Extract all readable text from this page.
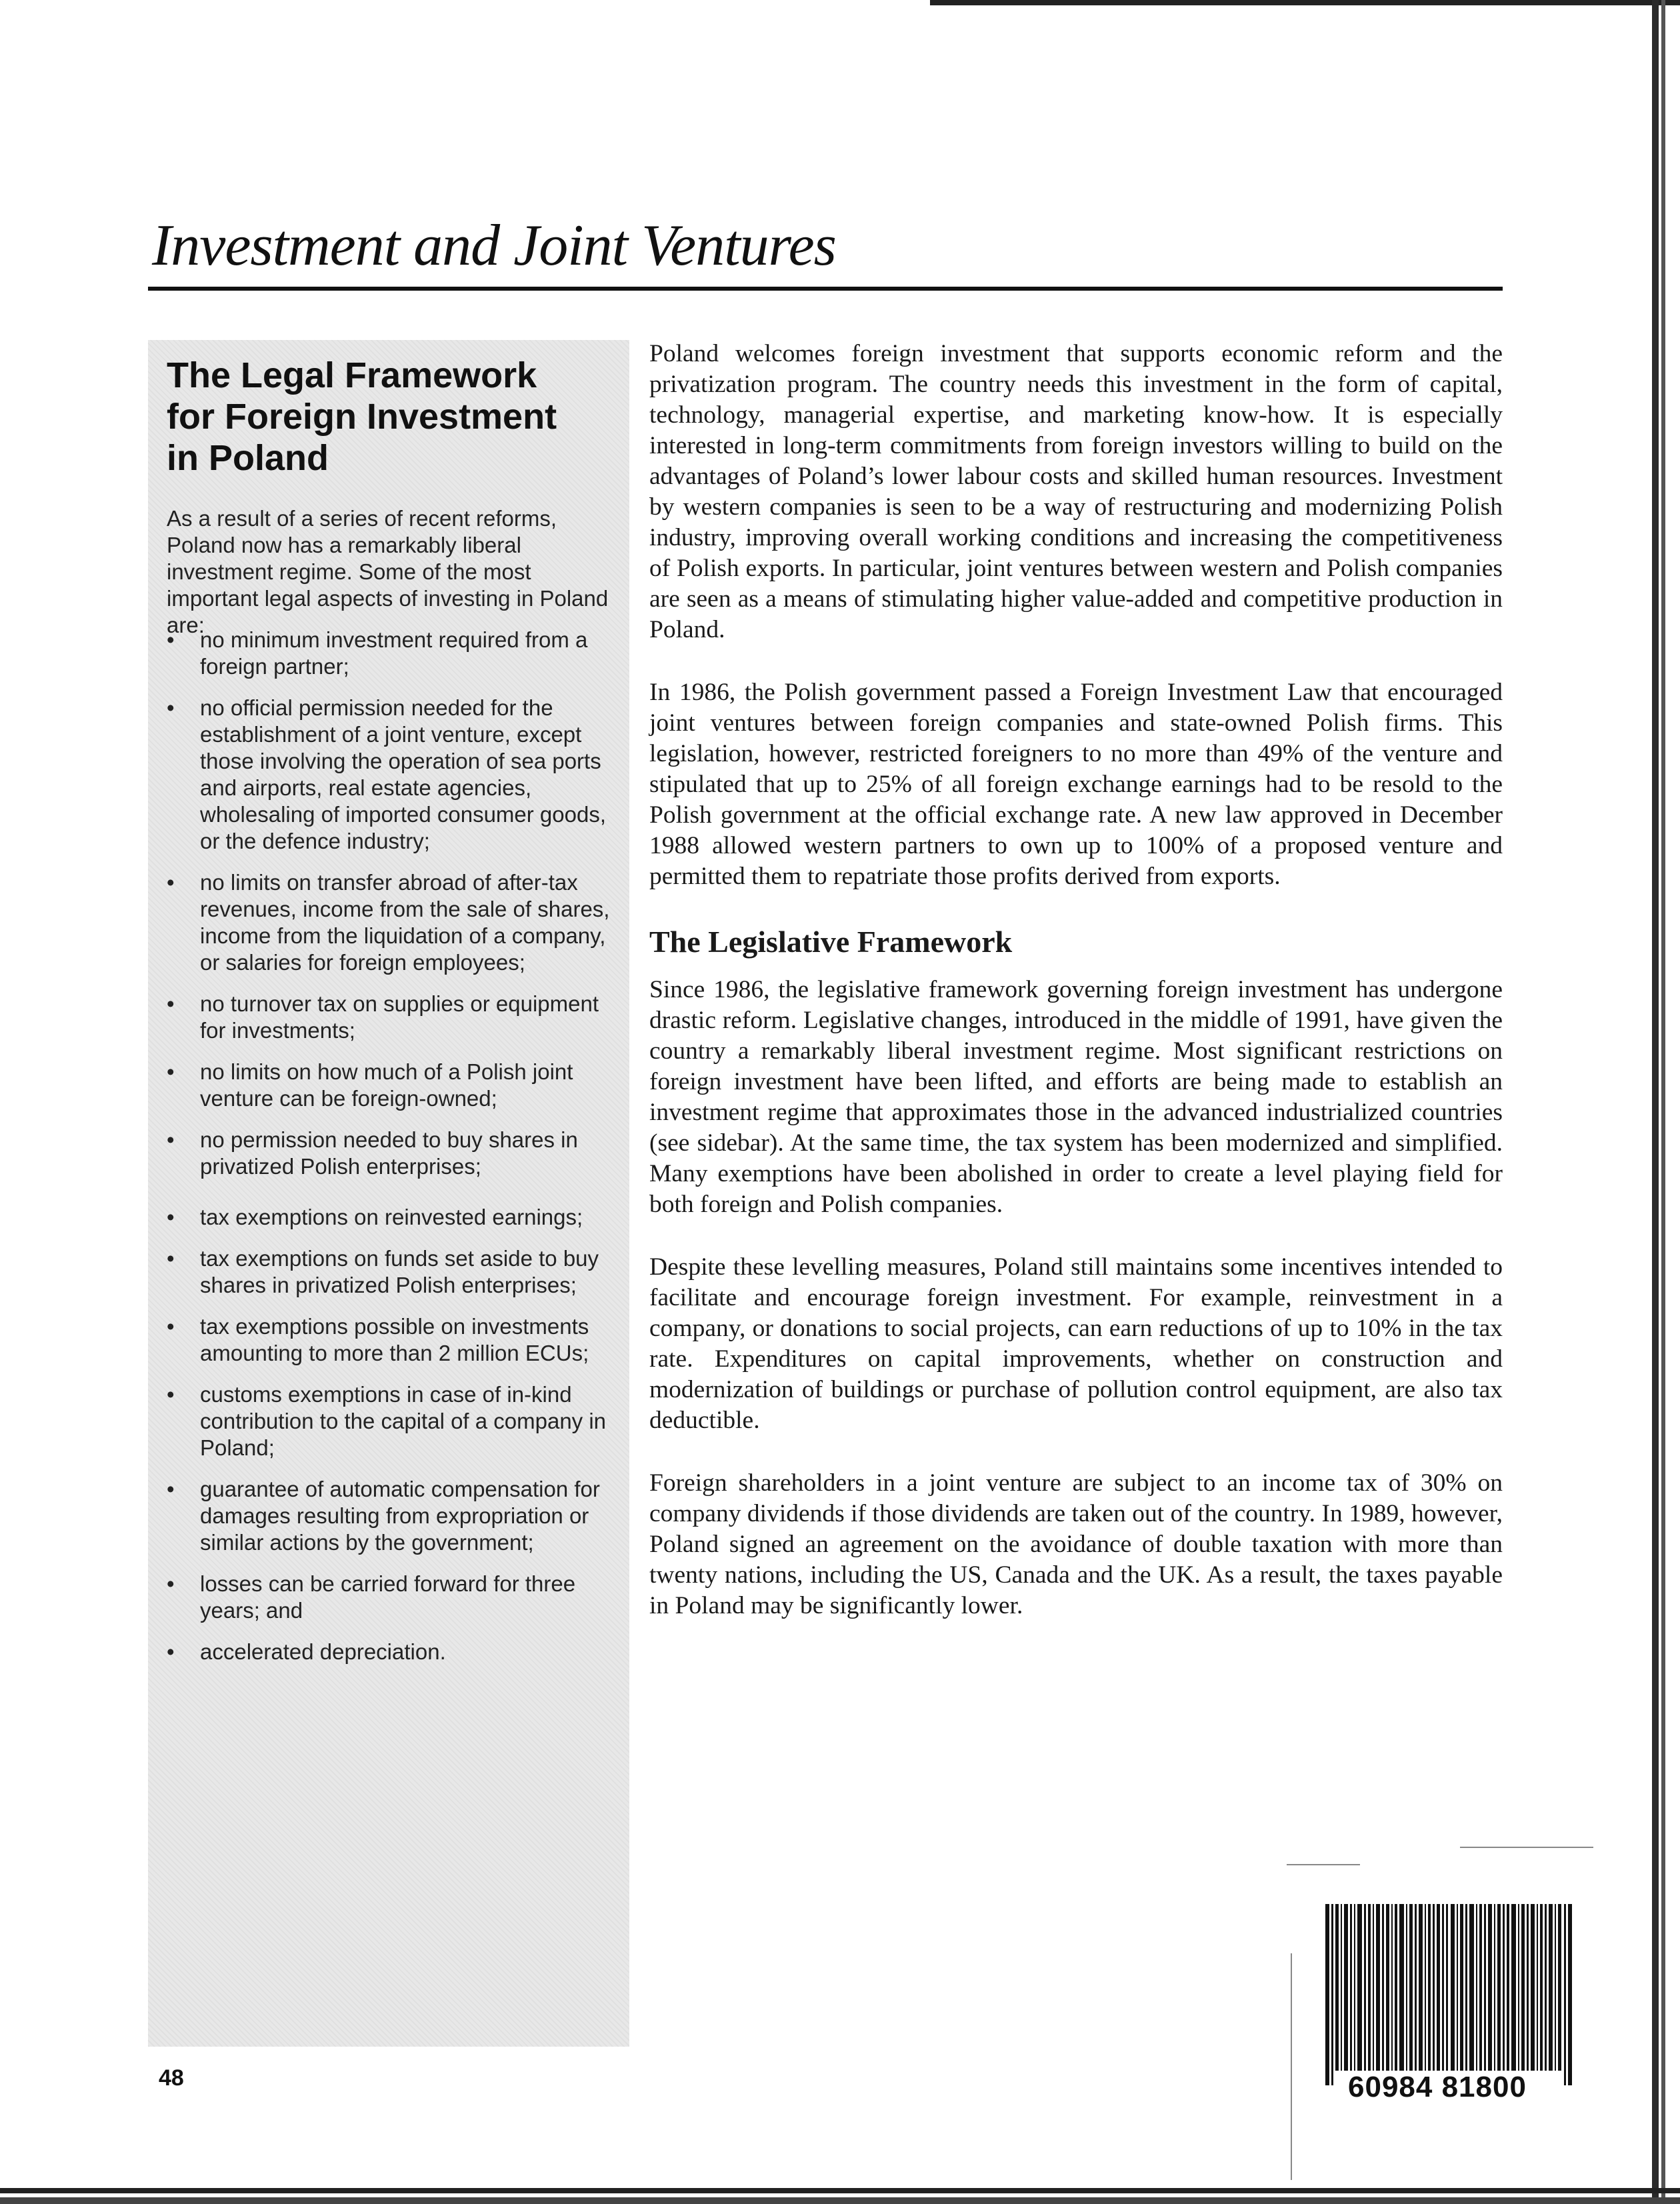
Investment and Joint Ventures
The Legal Framework
for Foreign Investment
in Poland

As a result of a series of recent reforms, Poland now has a remarkably liberal investment regime. Some of the most important legal aspects of investing in Poland are:

• no minimum investment required from a foreign partner;
• no official permission needed for the establishment of a joint venture, except those involving the operation of sea ports and airports, real estate agencies, wholesaling of imported consumer goods, or the defence industry;
• no limits on transfer abroad of after-tax revenues, income from the sale of shares, income from the liquidation of a company, or salaries for foreign employees;
• no turnover tax on supplies or equipment for investments;
• no limits on how much of a Polish joint venture can be foreign-owned;
• no permission needed to buy shares in privatized Polish enterprises;
• tax exemptions on reinvested earnings;
• tax exemptions on funds set aside to buy shares in privatized Polish enterprises;
• tax exemptions possible on investments amounting to more than 2 million ECUs;
• customs exemptions in case of in-kind contribution to the capital of a company in Poland;
• guarantee of automatic compensation for damages resulting from expropriation or similar actions by the government;
• losses can be carried forward for three years; and
• accelerated depreciation.

Poland welcomes foreign investment that supports economic reform and the privatization program. The country needs this investment in the form of capital, technology, managerial expertise, and marketing know-how. It is especially interested in long-term commitments from foreign investors willing to build on the advantages of Poland’s lower labour costs and skilled human resources. Investment by western companies is seen to be a way of restructuring and modernizing Polish industry, improving overall working conditions and increasing the competitiveness of Polish exports. In particular, joint ventures between western and Polish companies are seen as a means of stimulating higher value-added and competitive production in Poland.

In 1986, the Polish government passed a Foreign Investment Law that encouraged joint ventures between foreign companies and state-owned Polish firms. This legislation, however, restricted foreigners to no more than 49% of the venture and stipulated that up to 25% of all foreign exchange earnings had to be resold to the Polish government at the official exchange rate. A new law approved in December 1988 allowed western partners to own up to 100% of a proposed venture and permitted them to repatriate those profits derived from exports.

The Legislative Framework

Since 1986, the legislative framework governing foreign investment has undergone drastic reform. Legislative changes, introduced in the middle of 1991, have given the country a remarkably liberal investment regime. Most significant restrictions on foreign investment have been lifted, and efforts are being made to establish an investment regime that approximates those in the advanced industrialized countries (see sidebar). At the same time, the tax system has been modernized and simplified. Many exemptions have been abolished in order to create a level playing field for both foreign and Polish companies.

Despite these levelling measures, Poland still maintains some incentives intended to facilitate and encourage foreign investment. For example, reinvestment in a company, or donations to social projects, can earn reductions of up to 10% in the tax rate. Expenditures on capital improvements, whether on construction and modernization of buildings or purchase of pollution control equipment, are also tax deductible.

Foreign shareholders in a joint venture are subject to an income tax of 30% on company dividends if those dividends are taken out of the country. In 1989, however, Poland signed an agreement on the avoidance of double taxation with more than twenty nations, including the US, Canada and the UK. As a result, the taxes payable in Poland may be significantly lower.

48	60984 81800
